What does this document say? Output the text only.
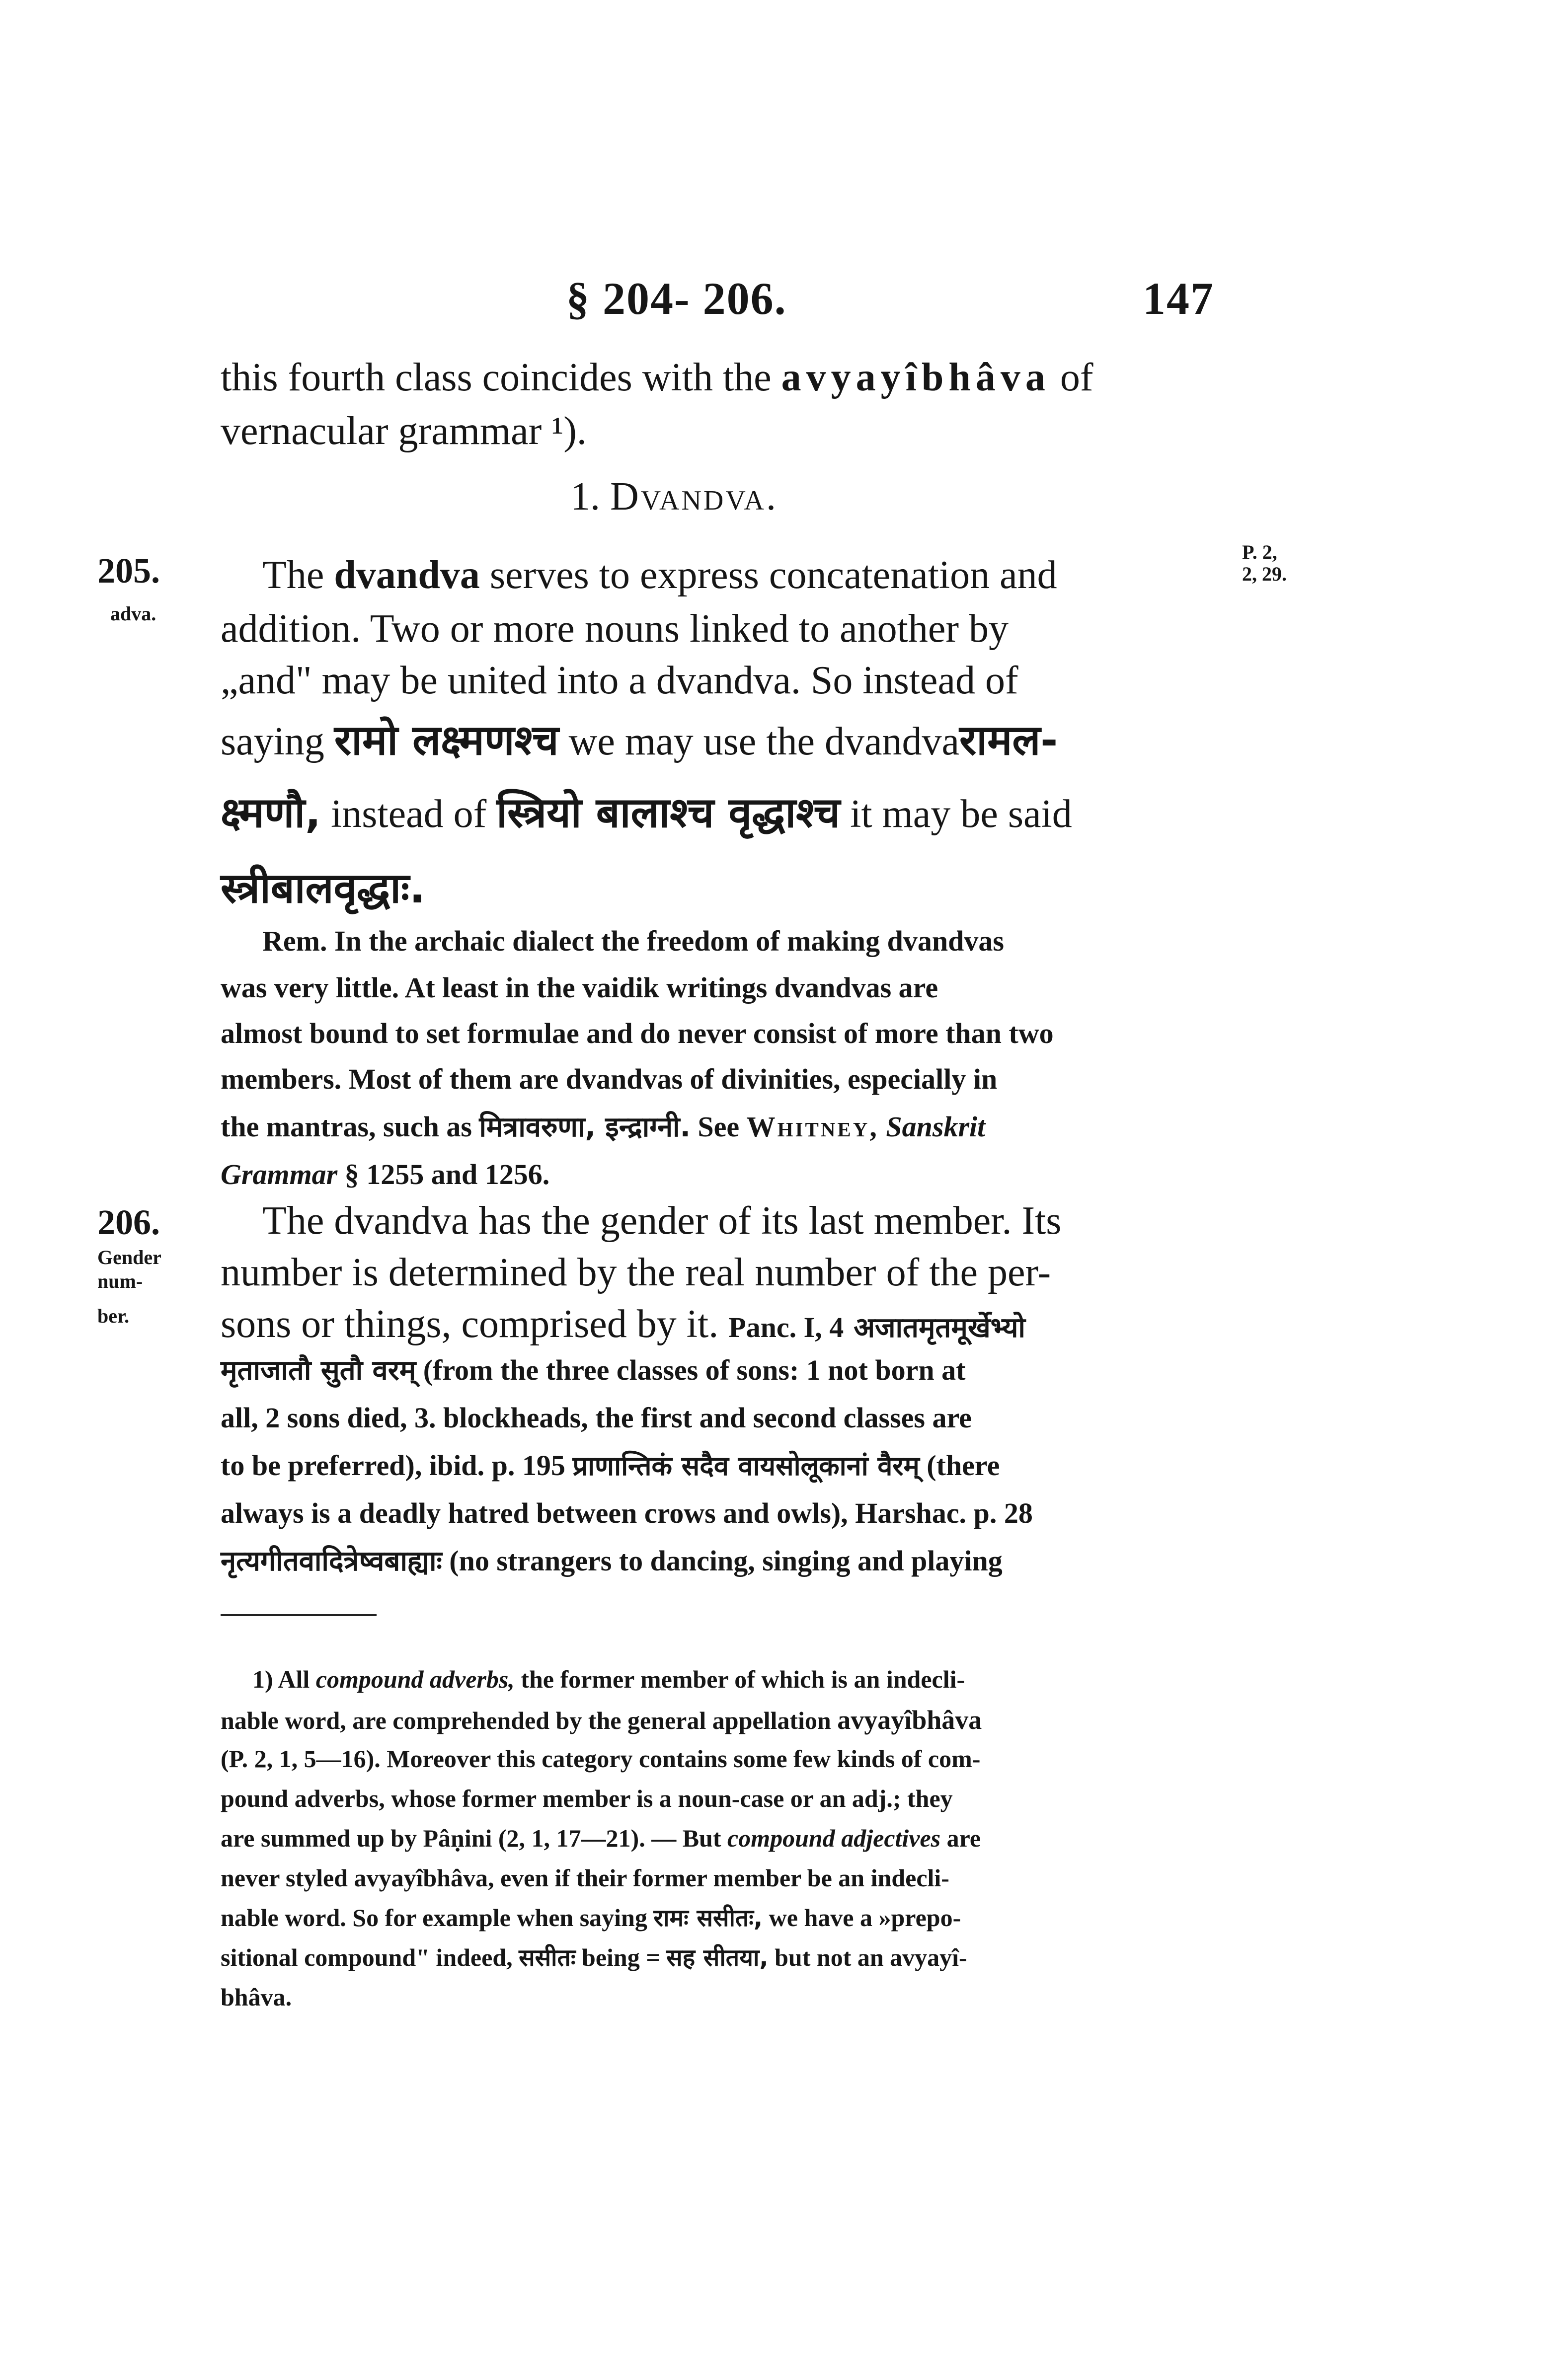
§ 204- 206.	147
this fourth class coincides with the avyayîbhâva of
vernacular grammar ¹).
1. Dvandva.
205.
adva.
P. 2, 2, 29.
The dvandva serves to express concatenation and
addition. Two or more nouns linked to another by
„and" may be united into a dvandva. So instead of
saying रामो लक्ष्मणश्च we may use the dvandvaरामल-
क्ष्मणौ, instead of स्त्रियो बालाश्च वृद्धाश्च it may be said
स्त्रीबालवृद्धाः.
Rem. In the archaic dialect the freedom of making dvandvas
was very little. At least in the vaidik writings dvandvas are
almost bound to set formulae and do never consist of more than two
members. Most of them are dvandvas of divinities, especially in
the mantras, such as मित्रावरुणा, इन्द्राग्नी. See Whitney, Sanskrit
Grammar § 1255 and 1256.
206.
Gender
num-
ber.
The dvandva has the gender of its last member. Its
number is determined by the real number of the per-
sons or things, comprised by it. Panc. I, 4 अजातमृतमूर्खेभ्यो
मृताजातौ सुतौ वरम् (from the three classes of sons: 1 not born at
all, 2 sons died, 3. blockheads, the first and second classes are
to be preferred), ibid. p. 195 प्राणान्तिकं सदैव वायसोलूकानां वैरम् (there
always is a deadly hatred between crows and owls), Harshac. p. 28
नृत्यगीतवादित्रेष्वबाह्याः (no strangers to dancing, singing and playing
1) All compound adverbs, the former member of which is an indecli-
nable word, are comprehended by the general appellation avyayîbhâva
(P. 2, 1, 5—16). Moreover this category contains some few kinds of com-
pound adverbs, whose former member is a noun-case or an adj.; they
are summed up by Pâṇini (2, 1, 17—21). — But compound adjectives are
never styled avyayîbhâva, even if their former member be an indecli-
nable word. So for example when saying रामः ससीतः, we have a »prepo-
sitional compound" indeed, ससीतः being = सह सीतया, but not an avyayî-
bhâva.
